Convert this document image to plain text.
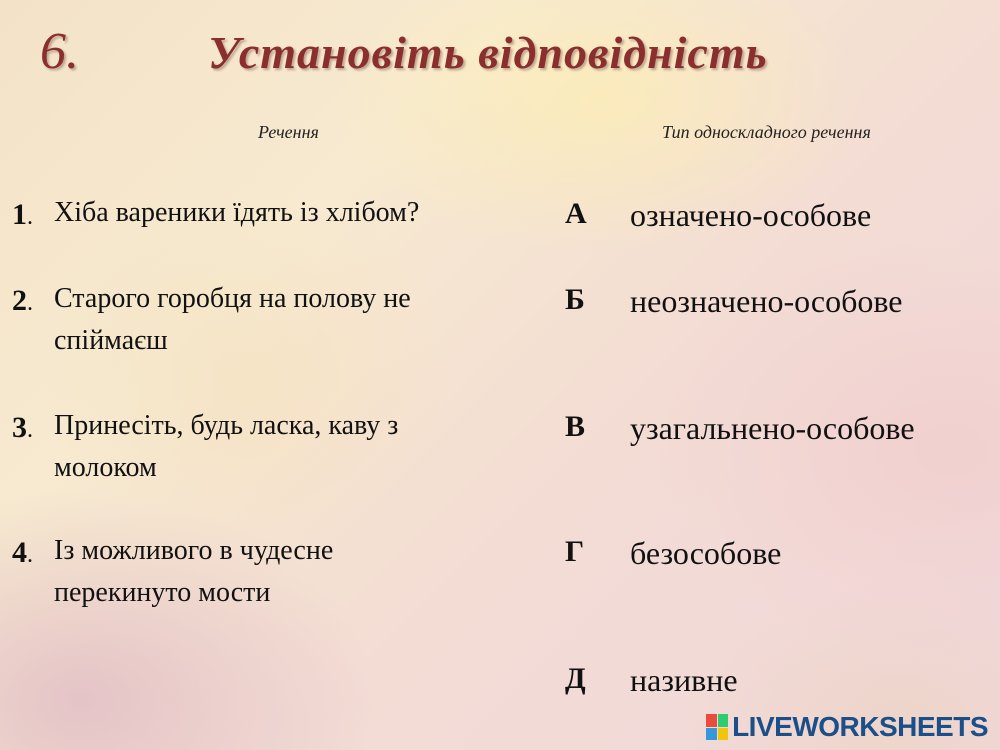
6.	Установіть відповідність
Речення	Тип односкладного речення
1. Хіба вареники їдять із хлібом?
2. Старого горобця на полову не
спіймаєш
3. Принесіть, будь ласка, каву з
молоком
4. Із можливого в чудесне
перекинуто мости
А означено-особове
Б неозначено-особове
В узагальнено-особове
Г безособове
Д називне
LIVEWORKSHEETS
